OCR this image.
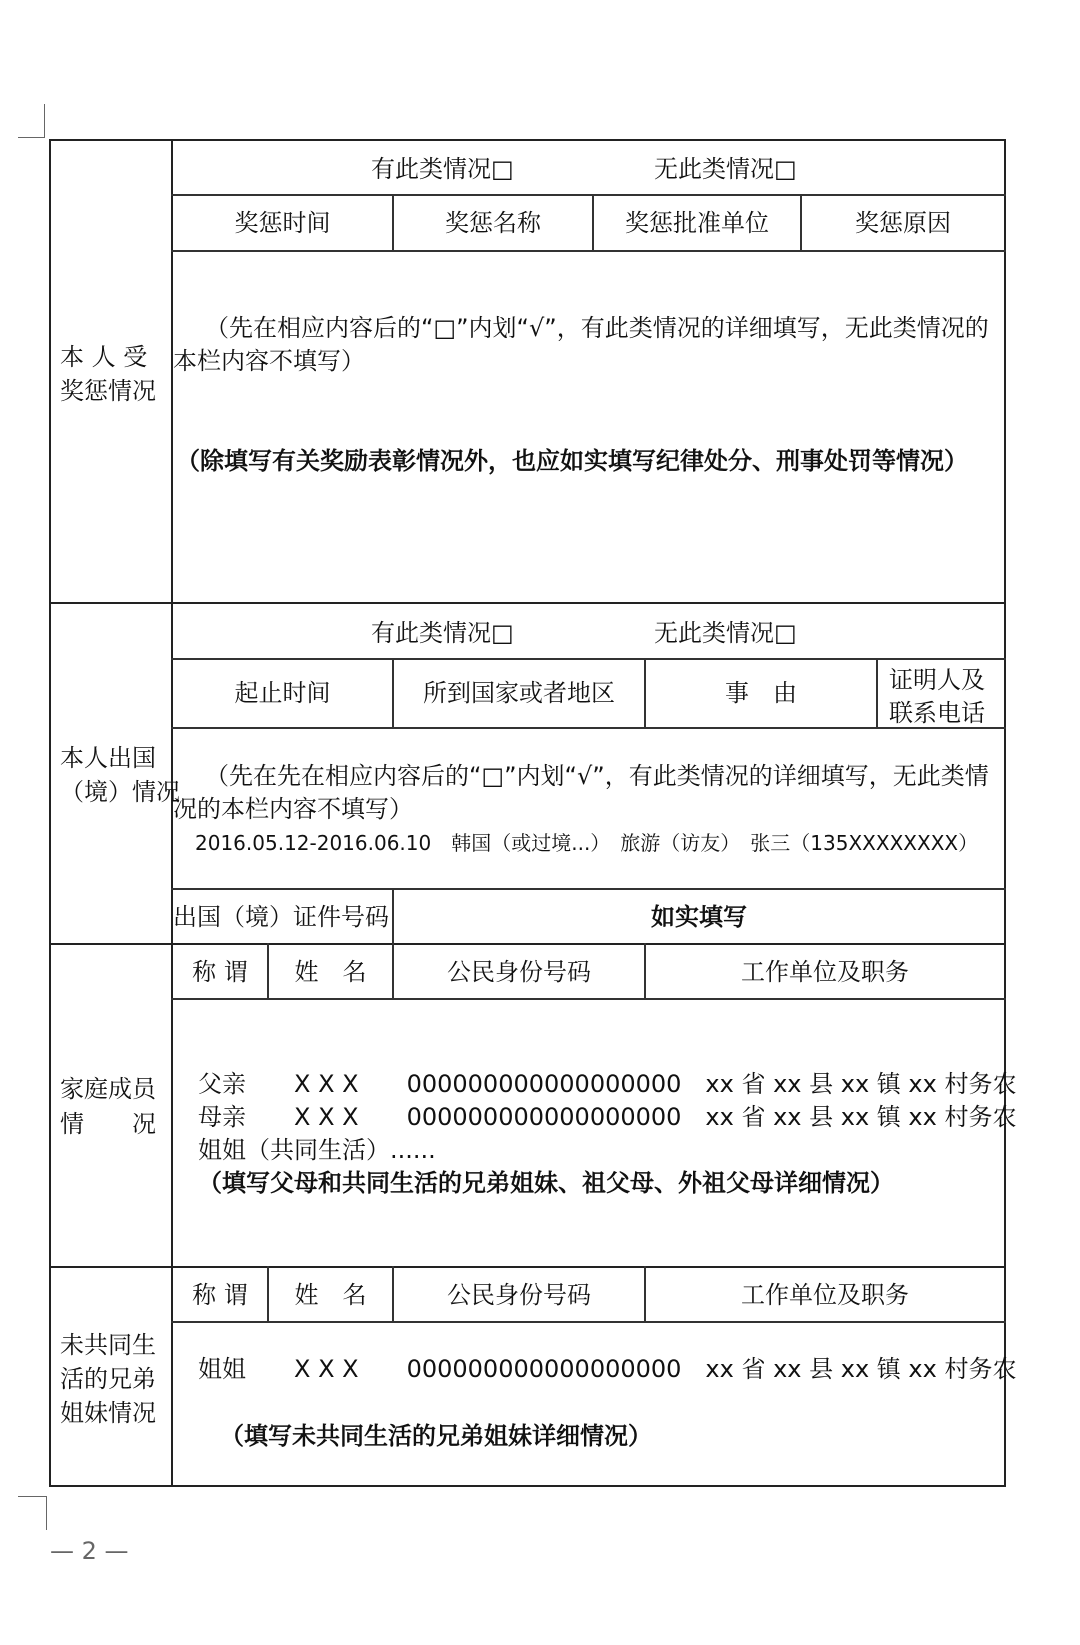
本 人 受
奖惩情况
有此类情况□	无此类情况□
奖惩时间	奖惩名称	奖惩批准单位	奖惩原因
（先在相应内容后的“□”内划“√”，有此类情况的详细填写，无此类情况的本栏内容不填写）
（除填写有关奖励表彰情况外，也应如实填写纪律处分、刑事处罚等情况）
本人出国
（境）情况
有此类情况□	无此类情况□
起止时间	所到国家或者地区	事　由	证明人及
联系电话
（先在先在相应内容后的“□”内划“√”，有此类情况的详细填写，无此类情况的本栏内容不填写）
2016.05.12-2016.06.10　韩国（或过境...）　旅游（访友）　张三（135XXXXXXXX）
出国（境）证件号码	如实填写
家庭成员
情　　况
称 谓	姓　名	公民身份号码	工作单位及职务
父亲　　X X X　　000000000000000000　xx 省 xx 县 xx 镇 xx 村务农
母亲　　X X X　　000000000000000000　xx 省 xx 县 xx 镇 xx 村务农
姐姐（共同生活）......
（填写父母和共同生活的兄弟姐妹、祖父母、外祖父母详细情况）
未共同生
活的兄弟
姐妹情况
称 谓	姓　名	公民身份号码	工作单位及职务
姐姐　　X X X　　000000000000000000　xx 省 xx 县 xx 镇 xx 村务农
（填写未共同生活的兄弟姐妹详细情况）
— 2 —
